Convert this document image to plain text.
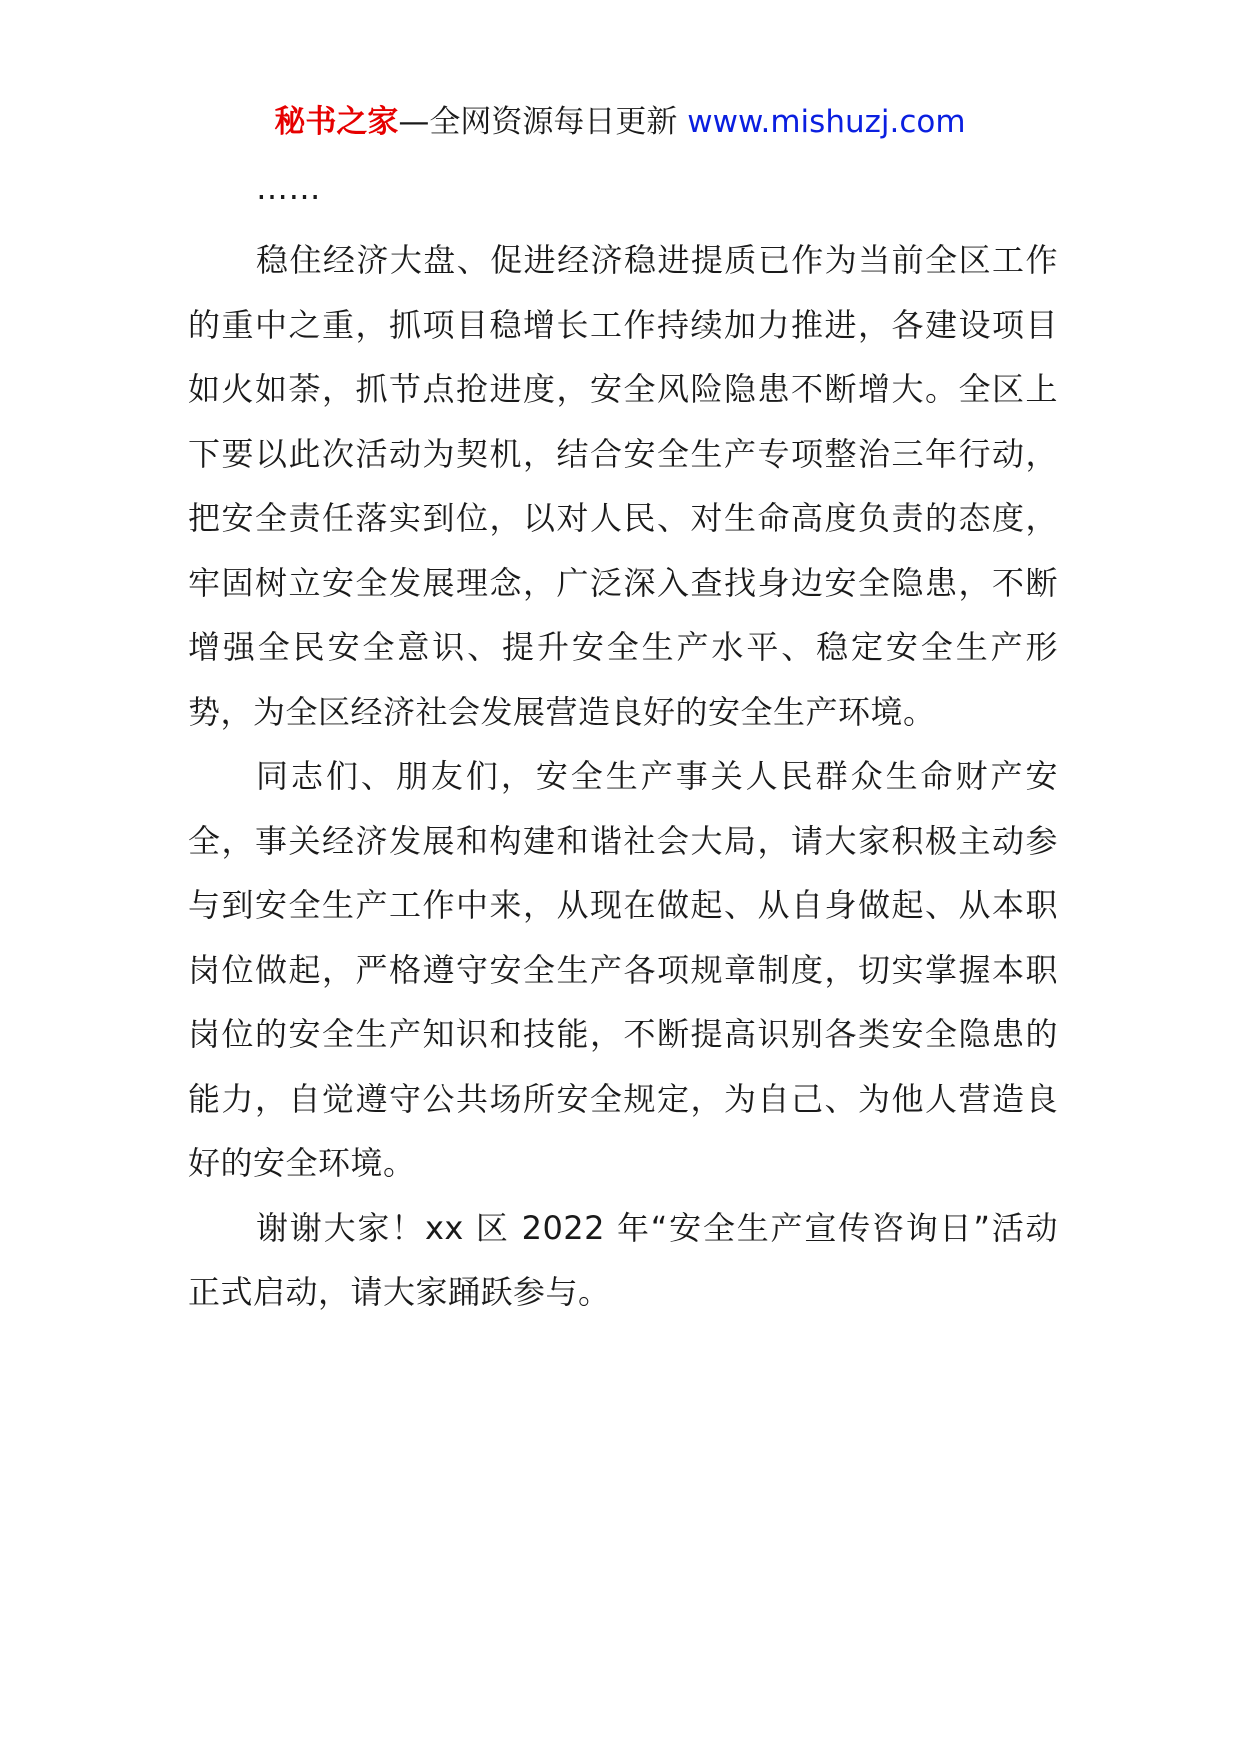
秘书之家—全网资源每日更新 www.mishuzj.com

……

稳住经济大盘、促进经济稳进提质已作为当前全区工作的重中之重，抓项目稳增长工作持续加力推进，各建设项目如火如荼，抓节点抢进度，安全风险隐患不断增大。全区上下要以此次活动为契机，结合安全生产专项整治三年行动，把安全责任落实到位，以对人民、对生命高度负责的态度，牢固树立安全发展理念，广泛深入查找身边安全隐患，不断增强全民安全意识、提升安全生产水平、稳定安全生产形势，为全区经济社会发展营造良好的安全生产环境。

同志们、朋友们，安全生产事关人民群众生命财产安全，事关经济发展和构建和谐社会大局，请大家积极主动参与到安全生产工作中来，从现在做起、从自身做起、从本职岗位做起，严格遵守安全生产各项规章制度，切实掌握本职岗位的安全生产知识和技能，不断提高识别各类安全隐患的能力，自觉遵守公共场所安全规定，为自己、为他人营造良好的安全环境。

谢谢大家！xx 区 2022 年“安全生产宣传咨询日”活动正式启动，请大家踊跃参与。
